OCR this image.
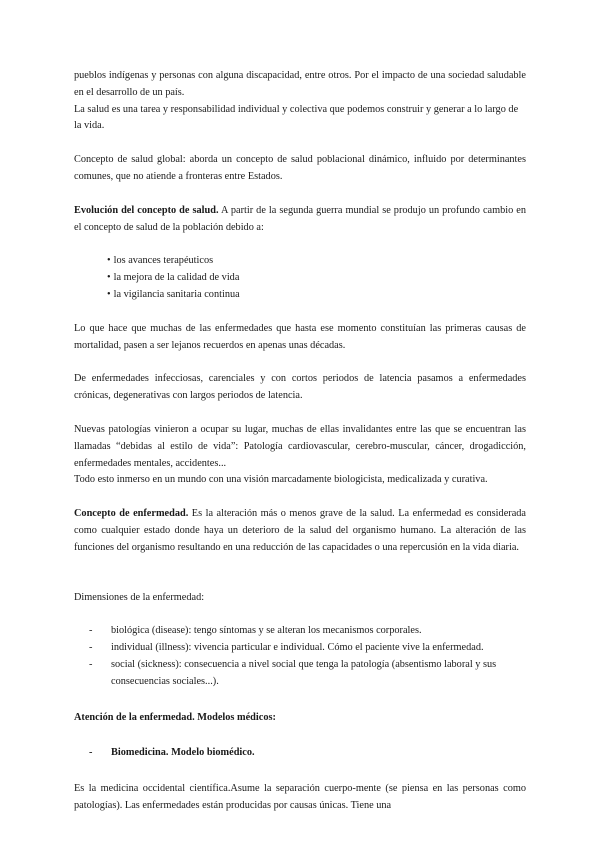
pueblos indígenas y personas con alguna discapacidad, entre otros. Por el impacto de una sociedad saludable en el desarrollo de un país.

La salud es una tarea y responsabilidad individual y colectiva que podemos construir y generar a lo largo de la vida.

Concepto de salud global: aborda un concepto de salud poblacional dinámico, influido por determinantes comunes, que no atiende a fronteras entre Estados.

Evolución del concepto de salud. A partir de la segunda guerra mundial se produjo un profundo cambio en el concepto de salud de la población debido a:

• los avances terapéuticos
• la mejora de la calidad de vida
• la vigilancia sanitaria continua

Lo que hace que muchas de las enfermedades que hasta ese momento constituían las primeras causas de mortalidad, pasen a ser lejanos recuerdos en apenas unas décadas.

De enfermedades infecciosas, carenciales y con cortos periodos de latencia pasamos a enfermedades crónicas, degenerativas con largos periodos de latencia.

Nuevas patologías vinieron a ocupar su lugar, muchas de ellas invalidantes entre las que se encuentran las llamadas “debidas al estilo de vida”: Patología cardiovascular, cerebro-muscular, cáncer, drogadicción, enfermedades mentales, accidentes...

Todo esto inmerso en un mundo con una visión marcadamente biologicista, medicalizada y curativa.

Concepto de enfermedad. Es la alteración más o menos grave de la salud. La enfermedad es considerada como cualquier estado donde haya un deterioro de la salud del organismo humano. La alteración de las funciones del organismo resultando en una reducción de las capacidades o una repercusión en la vida diaria.

Dimensiones de la enfermedad:

- biológica (disease): tengo síntomas y se alteran los mecanismos corporales.
- individual (illness): vivencia particular e individual. Cómo el paciente vive la enfermedad.
- social (sickness): consecuencia a nivel social que tenga la patología (absentismo laboral y sus consecuencias sociales...).

Atención de la enfermedad. Modelos médicos:

- Biomedicina. Modelo biomédico.

Es la medicina occidental científica.Asume la separación cuerpo-mente (se piensa en las personas como patologías). Las enfermedades están producidas por causas únicas. Tiene una
